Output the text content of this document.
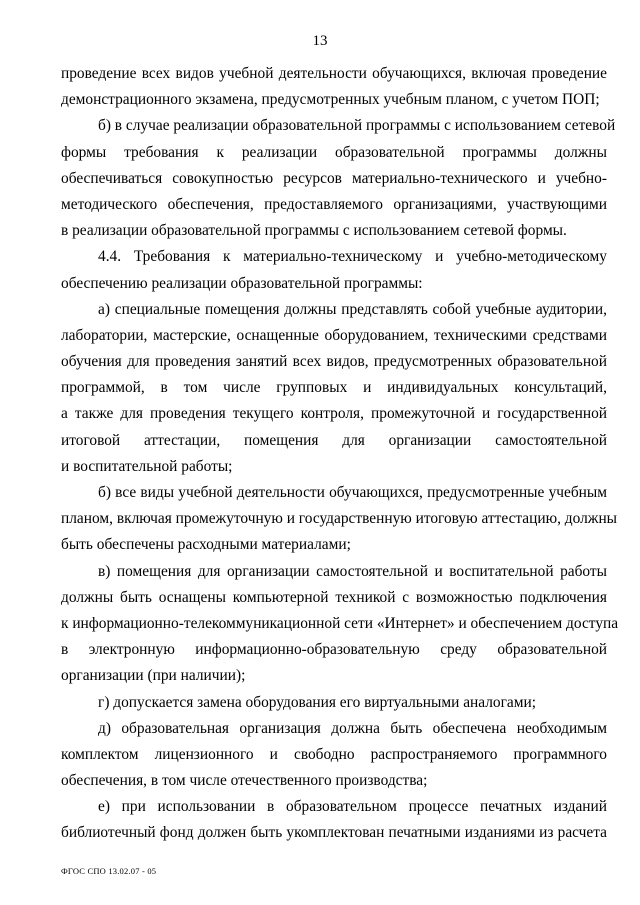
13
проведение всех видов учебной деятельности обучающихся, включая проведение
демонстрационного экзамена, предусмотренных учебным планом, с учетом ПОП;
б) в случае реализации образовательной программы с использованием сетевой
формы требования к реализации образовательной программы должны
обеспечиваться совокупностью ресурсов материально-технического и учебно-
методического обеспечения, предоставляемого организациями, участвующими
в реализации образовательной программы с использованием сетевой формы.
4.4. Требования к материально-техническому и учебно-методическому
обеспечению реализации образовательной программы:
а) специальные помещения должны представлять собой учебные аудитории,
лаборатории, мастерские, оснащенные оборудованием, техническими средствами
обучения для проведения занятий всех видов, предусмотренных образовательной
программой, в том числе групповых и индивидуальных консультаций,
а также для проведения текущего контроля, промежуточной и государственной
итоговой аттестации, помещения для организации самостоятельной
и воспитательной работы;
б) все виды учебной деятельности обучающихся, предусмотренные учебным
планом, включая промежуточную и государственную итоговую аттестацию, должны
быть обеспечены расходными материалами;
в) помещения для организации самостоятельной и воспитательной работы
должны быть оснащены компьютерной техникой с возможностью подключения
к информационно-телекоммуникационной сети «Интернет» и обеспечением доступа
в электронную информационно-образовательную среду образовательной
организации (при наличии);
г) допускается замена оборудования его виртуальными аналогами;
д) образовательная организация должна быть обеспечена необходимым
комплектом лицензионного и свободно распространяемого программного
обеспечения, в том числе отечественного производства;
е) при использовании в образовательном процессе печатных изданий
библиотечный фонд должен быть укомплектован печатными изданиями из расчета
ФГОС СПО 13.02.07 - 05
